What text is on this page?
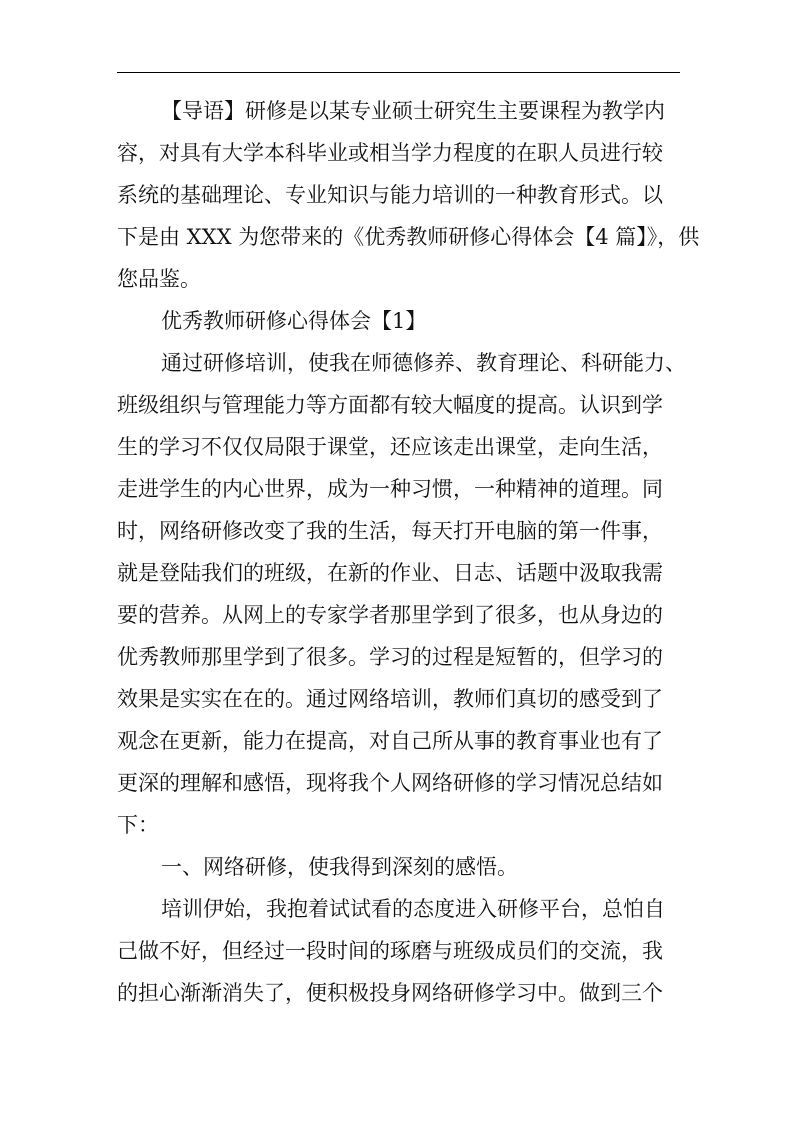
【导语】研修是以某专业硕士研究生主要课程为教学内
容，对具有大学本科毕业或相当学力程度的在职人员进行较
系统的基础理论、专业知识与能力培训的一种教育形式。以
下是由 XXX 为您带来的《优秀教师研修心得体会【4 篇】》，供
您品鉴。
优秀教师研修心得体会【1】
通过研修培训，使我在师德修养、教育理论、科研能力、
班级组织与管理能力等方面都有较大幅度的提高。认识到学
生的学习不仅仅局限于课堂，还应该走出课堂，走向生活，
走进学生的内心世界，成为一种习惯，一种精神的道理。同
时，网络研修改变了我的生活，每天打开电脑的第一件事，
就是登陆我们的班级，在新的作业、日志、话题中汲取我需
要的营养。从网上的专家学者那里学到了很多，也从身边的
优秀教师那里学到了很多。学习的过程是短暂的，但学习的
效果是实实在在的。通过网络培训，教师们真切的感受到了
观念在更新，能力在提高，对自己所从事的教育事业也有了
更深的理解和感悟，现将我个人网络研修的学习情况总结如
下：
一、网络研修，使我得到深刻的感悟。
培训伊始，我抱着试试看的态度进入研修平台，总怕自
己做不好，但经过一段时间的琢磨与班级成员们的交流，我
的担心渐渐消失了，便积极投身网络研修学习中。做到三个
